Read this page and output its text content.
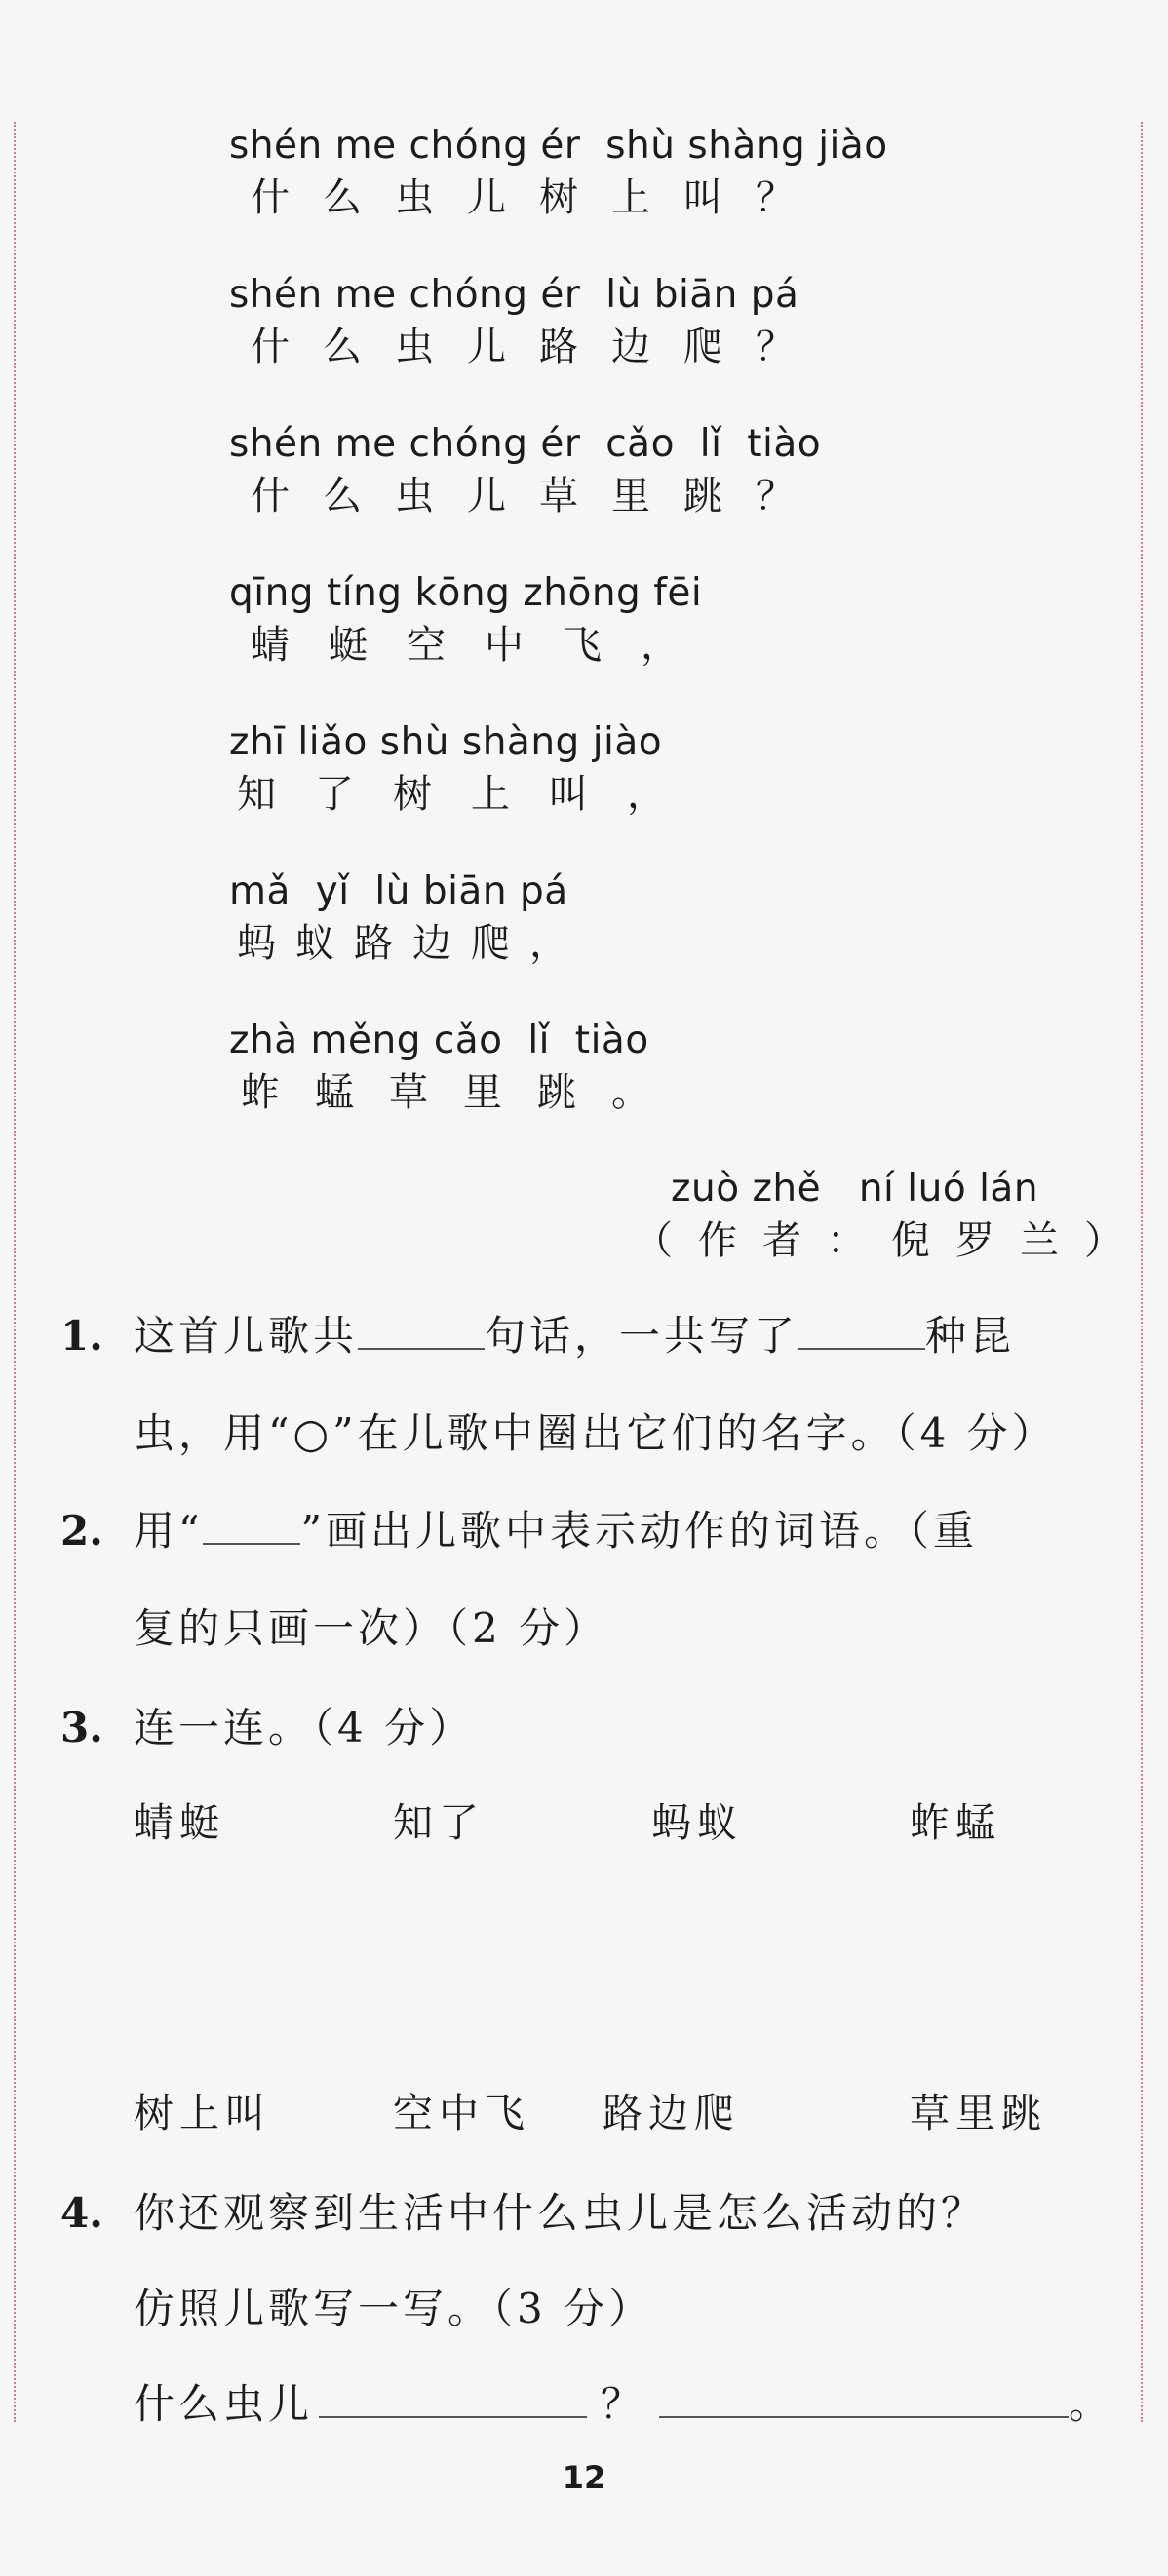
shén me chóng ér  shù shàng jiào
什么虫儿树上叫？
shén me chóng ér  lù biān pá
什么虫儿路边爬？
shén me chóng ér  cǎo  lǐ  tiào
什么虫儿草里跳？
qīng tíng kōng zhōng fēi
蜻蜓空中飞，
zhī liǎo shù shàng jiào
知了树上叫，
mǎ  yǐ  lù biān pá
蚂蚁路边爬，
zhà měng cǎo  lǐ  tiào
蚱蜢草里跳。
zuò zhě   ní luó lán
（作者：倪罗兰）
1. 这首儿歌共	句话，一共写了	种昆
虫，用“○”在儿歌中圈出它们的名字。（4 分）
2. 用“ ”画出儿歌中表示动作的词语。（重
复的只画一次）（2 分）
3. 连一连。（4 分）
蜻蜓	知了	蚂蚁	蚱蜢
树上叫	空中飞 路边爬	草里跳
4. 你还观察到生活中什么虫儿是怎么活动的？
仿照儿歌写一写。（3 分）
什么虫儿	？	。
12
